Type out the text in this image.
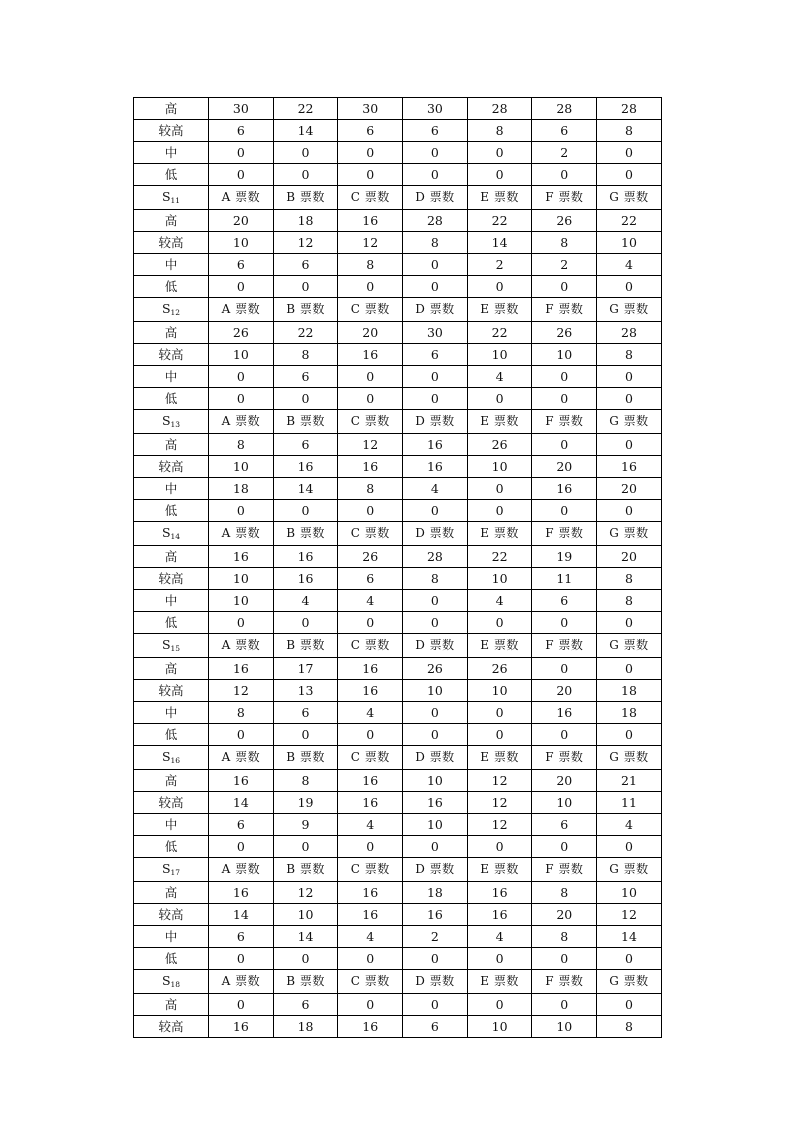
高	30	22	30	30	28	28	28
较高	6	14	6	6	8	6	8
中	0	0	0	0	0	2	0
低	0	0	0	0	0	0	0
S11	A 票数	B 票数	C 票数	D 票数	E 票数	F 票数	G 票数
高	20	18	16	28	22	26	22
较高	10	12	12	8	14	8	10
中	6	6	8	0	2	2	4
低	0	0	0	0	0	0	0
S12	A 票数	B 票数	C 票数	D 票数	E 票数	F 票数	G 票数
高	26	22	20	30	22	26	28
较高	10	8	16	6	10	10	8
中	0	6	0	0	4	0	0
低	0	0	0	0	0	0	0
S13	A 票数	B 票数	C 票数	D 票数	E 票数	F 票数	G 票数
高	8	6	12	16	26	0	0
较高	10	16	16	16	10	20	16
中	18	14	8	4	0	16	20
低	0	0	0	0	0	0	0
S14	A 票数	B 票数	C 票数	D 票数	E 票数	F 票数	G 票数
高	16	16	26	28	22	19	20
较高	10	16	6	8	10	11	8
中	10	4	4	0	4	6	8
低	0	0	0	0	0	0	0
S15	A 票数	B 票数	C 票数	D 票数	E 票数	F 票数	G 票数
高	16	17	16	26	26	0	0
较高	12	13	16	10	10	20	18
中	8	6	4	0	0	16	18
低	0	0	0	0	0	0	0
S16	A 票数	B 票数	C 票数	D 票数	E 票数	F 票数	G 票数
高	16	8	16	10	12	20	21
较高	14	19	16	16	12	10	11
中	6	9	4	10	12	6	4
低	0	0	0	0	0	0	0
S17	A 票数	B 票数	C 票数	D 票数	E 票数	F 票数	G 票数
高	16	12	16	18	16	8	10
较高	14	10	16	16	16	20	12
中	6	14	4	2	4	8	14
低	0	0	0	0	0	0	0
S18	A 票数	B 票数	C 票数	D 票数	E 票数	F 票数	G 票数
高	0	6	0	0	0	0	0
较高	16	18	16	6	10	10	8
